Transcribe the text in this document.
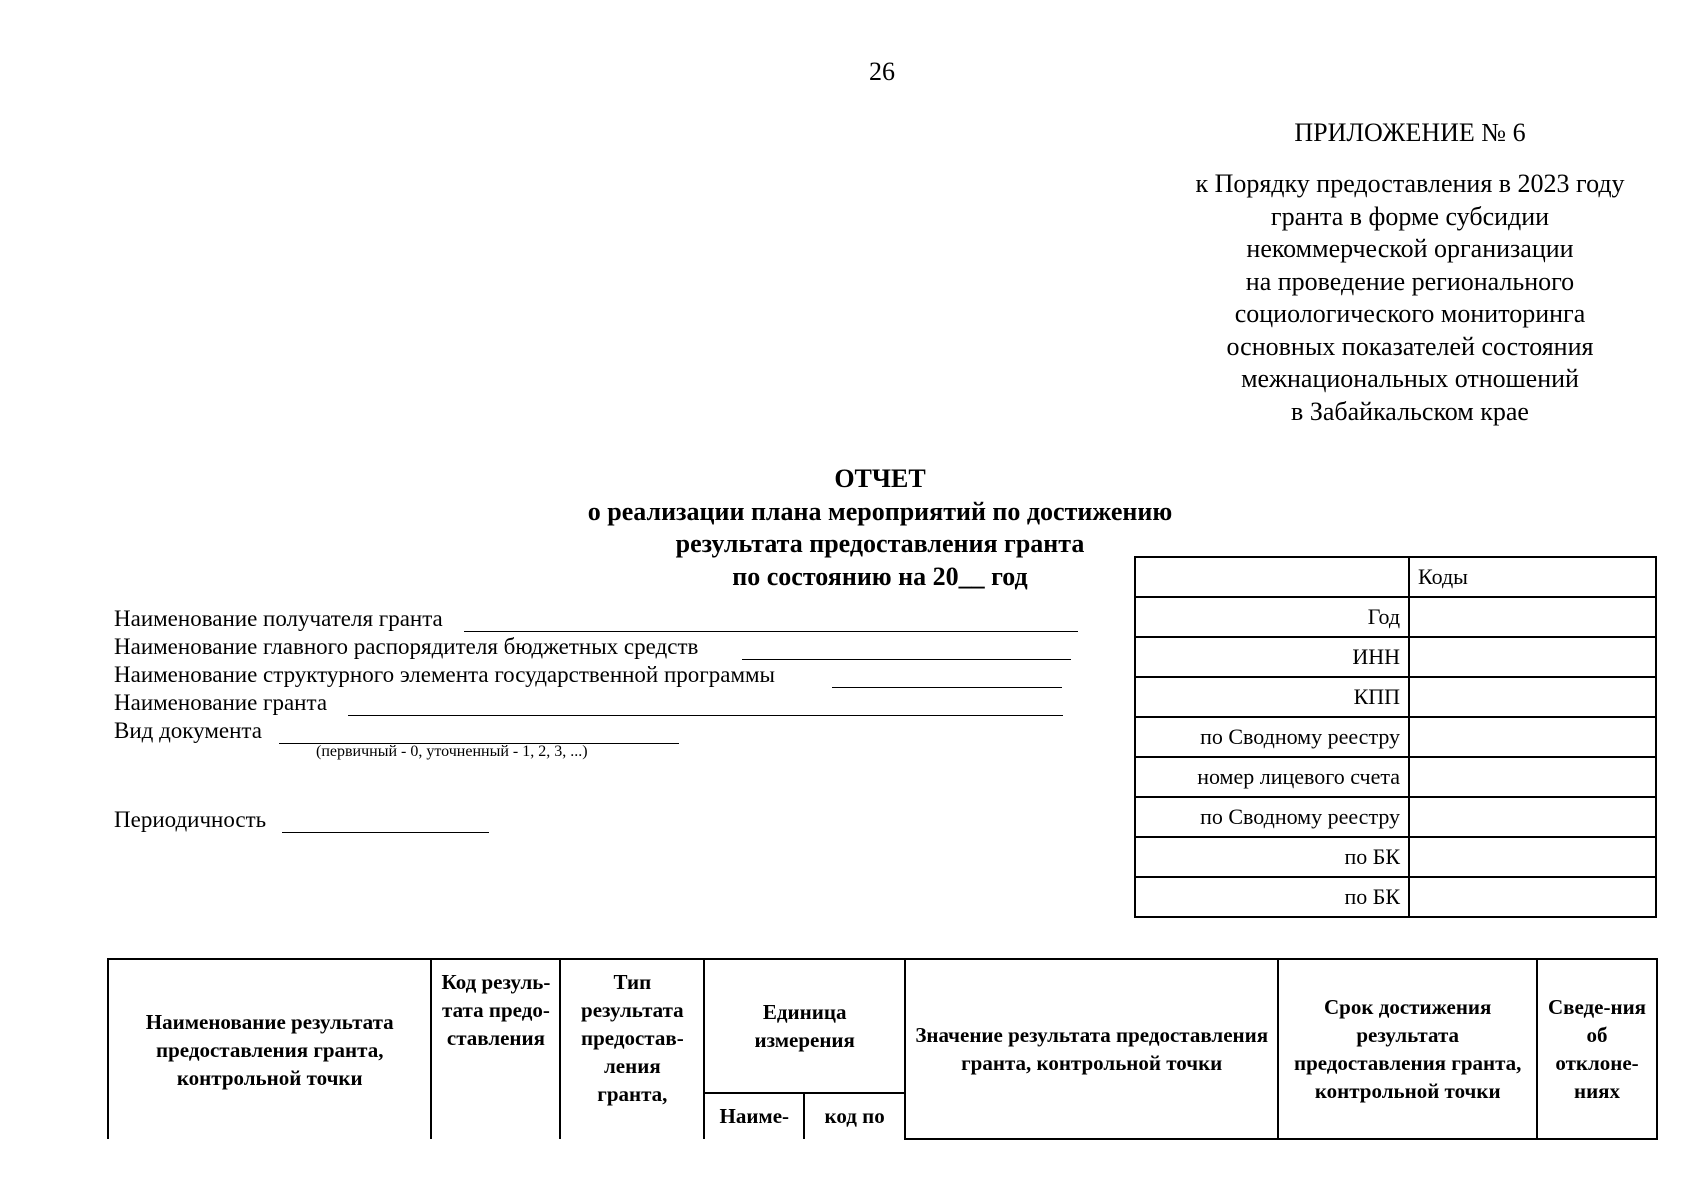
26
ПРИЛОЖЕНИЕ № 6
к Порядку предоставления в 2023 году
гранта в форме субсидии
некоммерческой организации
на проведение регионального
социологического мониторинга
основных показателей состояния
межнациональных отношений
в Забайкальском крае
ОТЧЕТ
о реализации плана мероприятий по достижению
результата предоставления гранта
по состоянию на 20__ год
Наименование получателя гранта
Наименование главного распорядителя бюджетных средств
Наименование структурного элемента государственной программы
Наименование гранта
Вид документа
(первичный - 0, уточненный - 1, 2, 3, ...)
Периодичность
	Коды
Год	
ИНН	
КПП	
по Сводному реестру	
номер лицевого счета	
по Сводному реестру	
по БК	
по БК	
Наименование результата предоставления гранта, контрольной точки	Код резуль-тата предо-ставления	Тип результата предостав-ления гранта,	Единица измерения		Значение результата предоставления гранта, контрольной точки	Срок достижения результата предоставления гранта, контрольной точки	Сведе-ния об отклоне-ниях
			Наиме-	код по			
